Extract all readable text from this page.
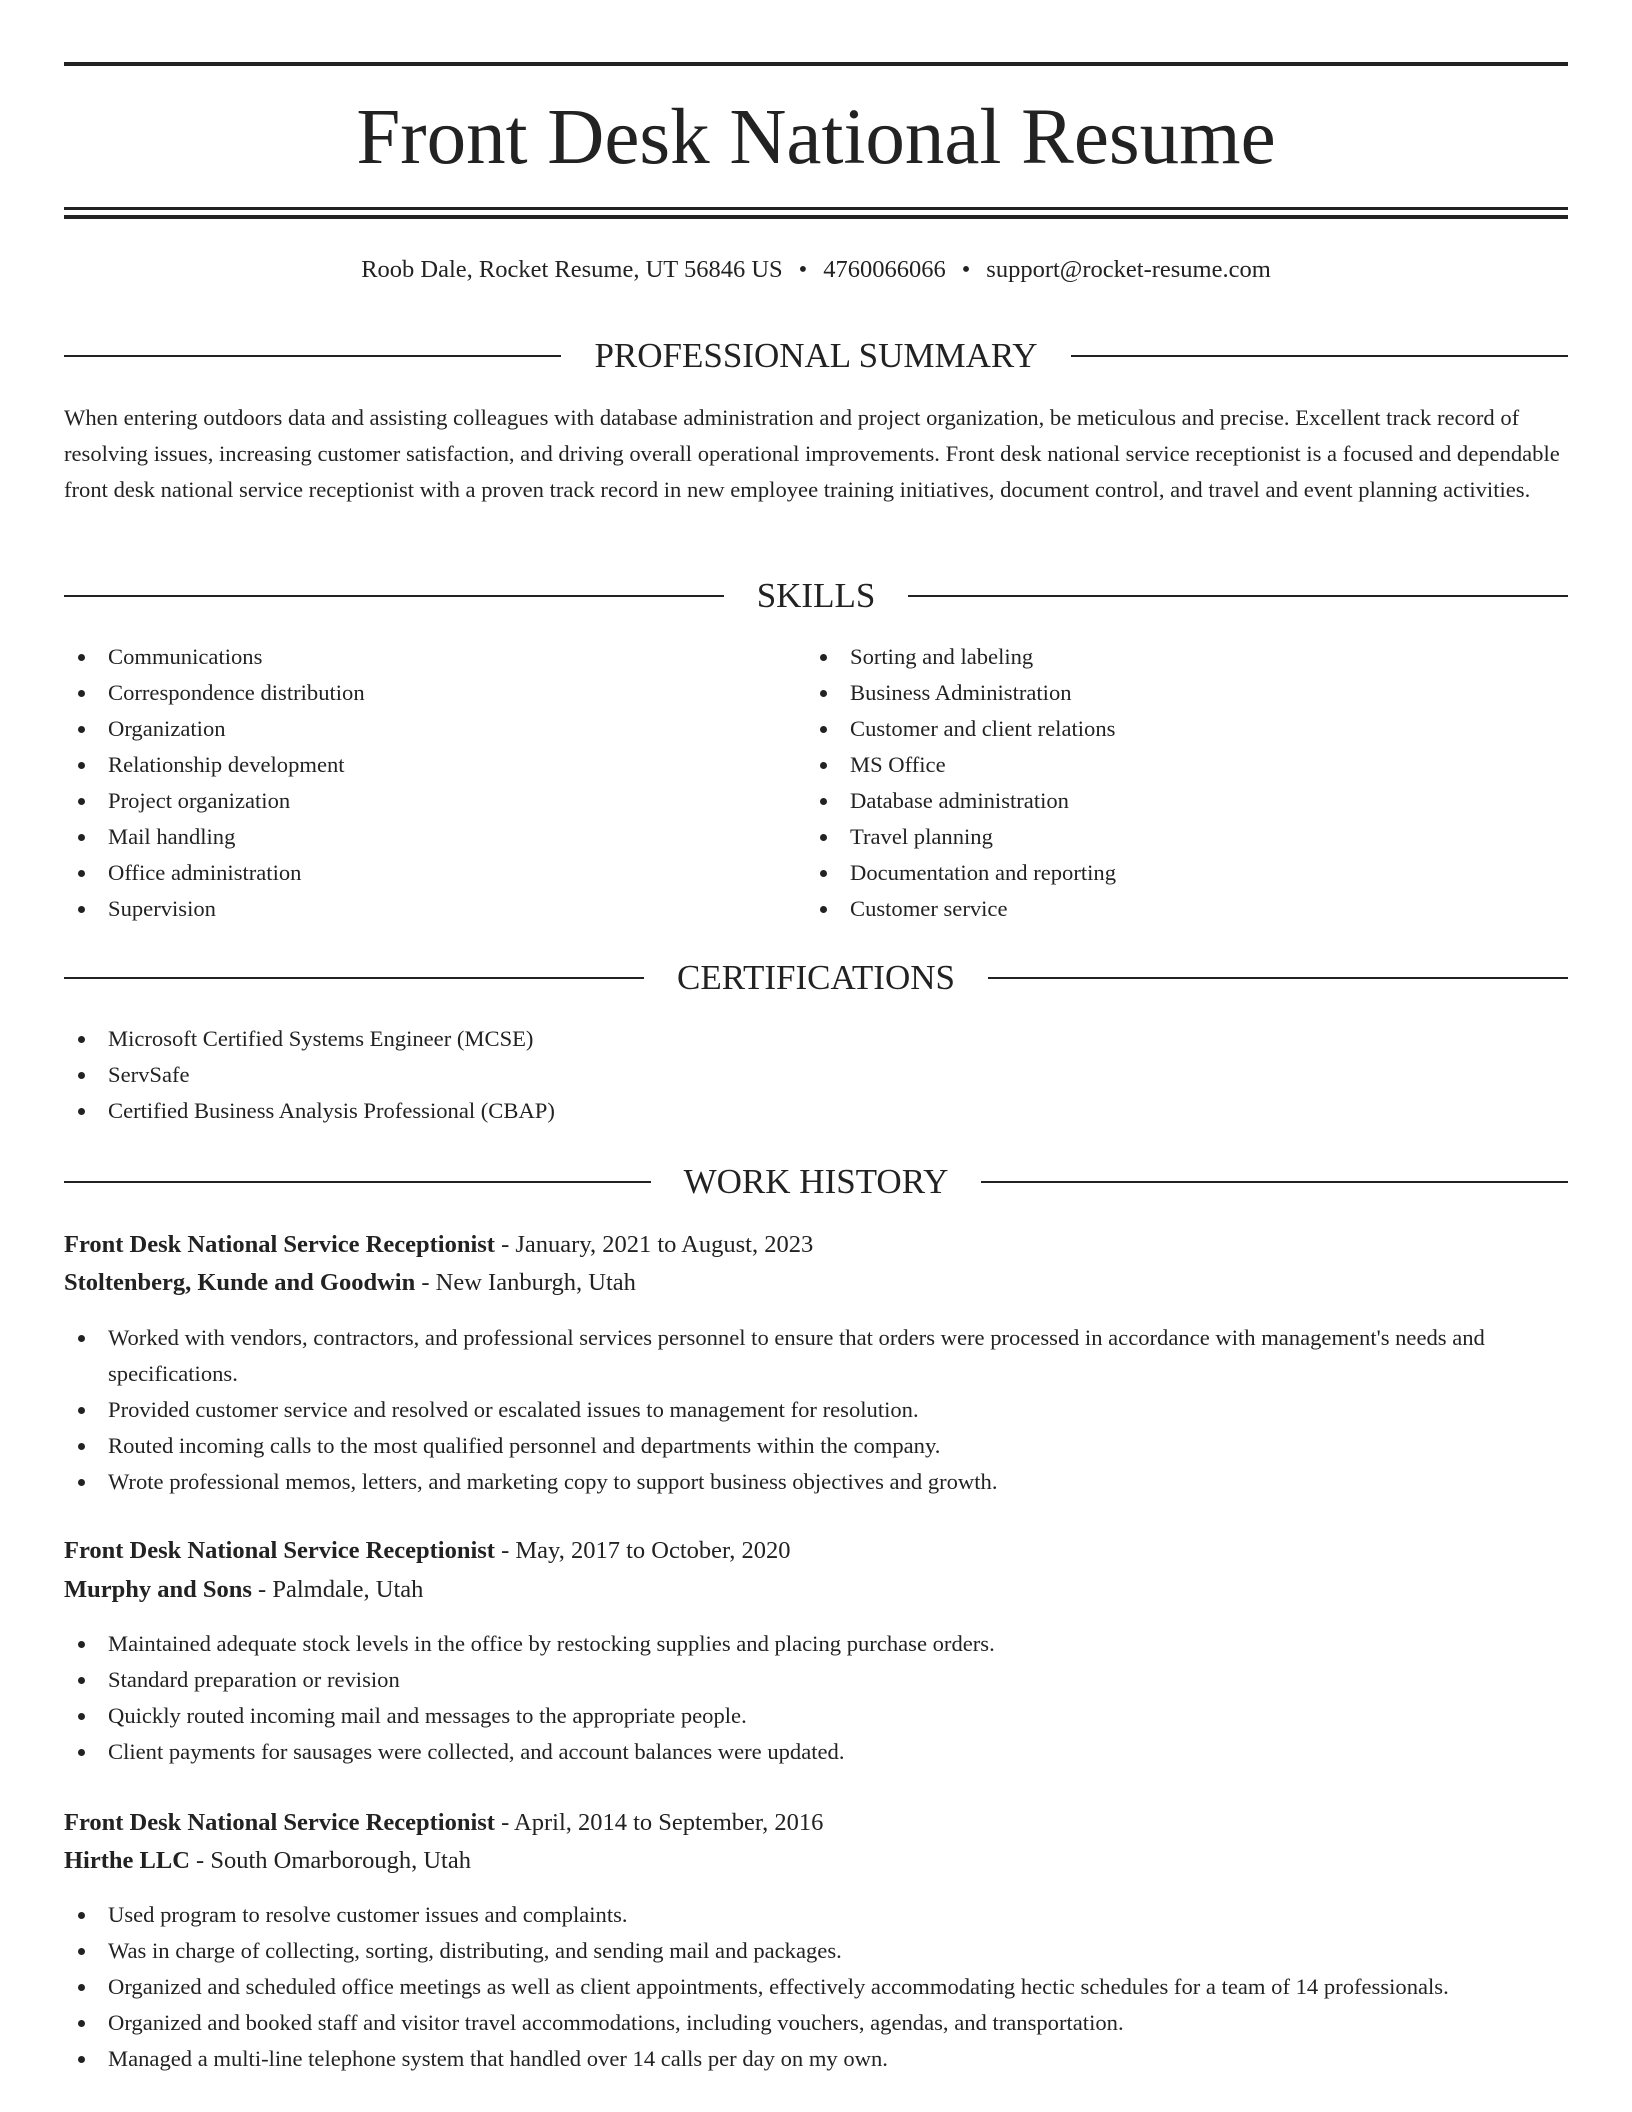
Front Desk National Resume
Roob Dale, Rocket Resume, UT 56846 US • 4760066066 • support@rocket-resume.com
PROFESSIONAL SUMMARY

When entering outdoors data and assisting colleagues with database administration and project organization, be meticulous and precise. Excellent track record of resolving issues, increasing customer satisfaction, and driving overall operational improvements. Front desk national service receptionist is a focused and dependable front desk national service receptionist with a proven track record in new employee training initiatives, document control, and travel and event planning activities.

SKILLS
Communications
Correspondence distribution
Organization
Relationship development
Project organization
Mail handling
Office administration
Supervision
Sorting and labeling
Business Administration
Customer and client relations
MS Office
Database administration
Travel planning
Documentation and reporting
Customer service
CERTIFICATIONS
Microsoft Certified Systems Engineer (MCSE)
ServSafe
Certified Business Analysis Professional (CBAP)
WORK HISTORY
Front Desk National Service Receptionist - January, 2021 to August, 2023
Stoltenberg, Kunde and Goodwin - New Ianburgh, Utah
Worked with vendors, contractors, and professional services personnel to ensure that orders were processed in accordance with management's needs and specifications.
Provided customer service and resolved or escalated issues to management for resolution.
Routed incoming calls to the most qualified personnel and departments within the company.
Wrote professional memos, letters, and marketing copy to support business objectives and growth.
Front Desk National Service Receptionist - May, 2017 to October, 2020
Murphy and Sons - Palmdale, Utah
Maintained adequate stock levels in the office by restocking supplies and placing purchase orders.
Standard preparation or revision
Quickly routed incoming mail and messages to the appropriate people.
Client payments for sausages were collected, and account balances were updated.
Front Desk National Service Receptionist - April, 2014 to September, 2016
Hirthe LLC - South Omarborough, Utah
Used program to resolve customer issues and complaints.
Was in charge of collecting, sorting, distributing, and sending mail and packages.
Organized and scheduled office meetings as well as client appointments, effectively accommodating hectic schedules for a team of 14 professionals.
Organized and booked staff and visitor travel accommodations, including vouchers, agendas, and transportation.
Managed a multi-line telephone system that handled over 14 calls per day on my own.
